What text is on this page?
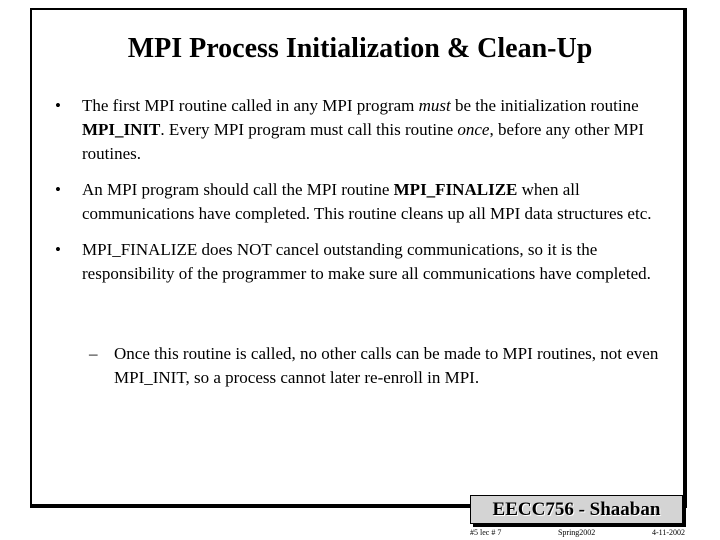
MPI Process Initialization & Clean-Up
•	The first MPI routine called in any MPI program must be the initialization routine MPI_INIT. Every MPI program must call this routine once, before any other MPI routines.
•	An MPI program should call the MPI routine MPI_FINALIZE when all communications have completed. This routine cleans up all MPI data structures etc.
•	MPI_FINALIZE does NOT cancel outstanding communications, so it is the responsibility of the programmer to make sure all communications have completed.
– Once this routine is called, no other calls can be made to MPI routines, not even MPI_INIT, so a process cannot later re-enroll in MPI.
EECC756 - Shaaban
#5 lec # 7	Spring2002	4-11-2002
